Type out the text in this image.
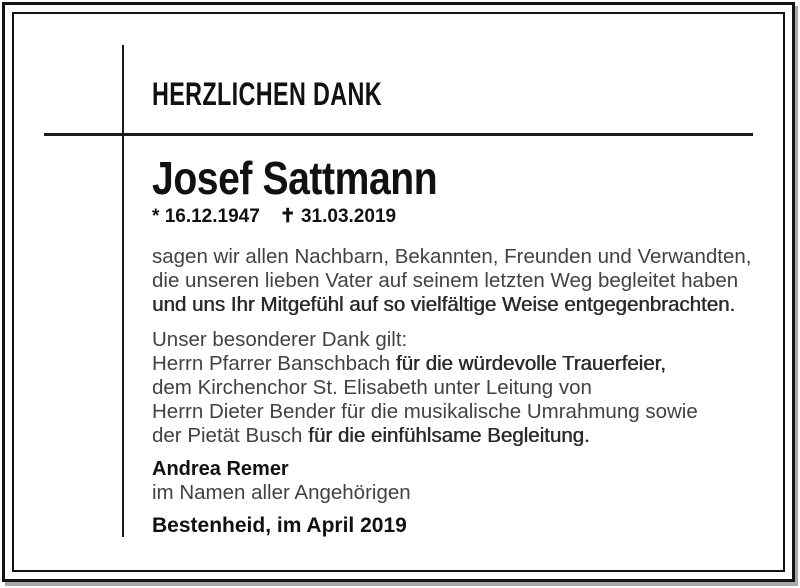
HERZLICHEN DANK
Josef Sattmann
* 16.12.1947 ✝ 31.03.2019

sagen wir allen Nachbarn, Bekannten, Freunden und Verwandten,
die unseren lieben Vater auf seinem letzten Weg begleitet haben
und uns Ihr Mitgefühl auf so vielfältige Weise entgegenbrachten.

Unser besonderer Dank gilt:
Herrn Pfarrer Banschbach für die würdevolle Trauerfeier,
dem Kirchenchor St. Elisabeth unter Leitung von
Herrn Dieter Bender für die musikalische Umrahmung sowie
der Pietät Busch für die einfühlsame Begleitung.

Andrea Remer
im Namen aller Angehörigen
Bestenheid, im April 2019
